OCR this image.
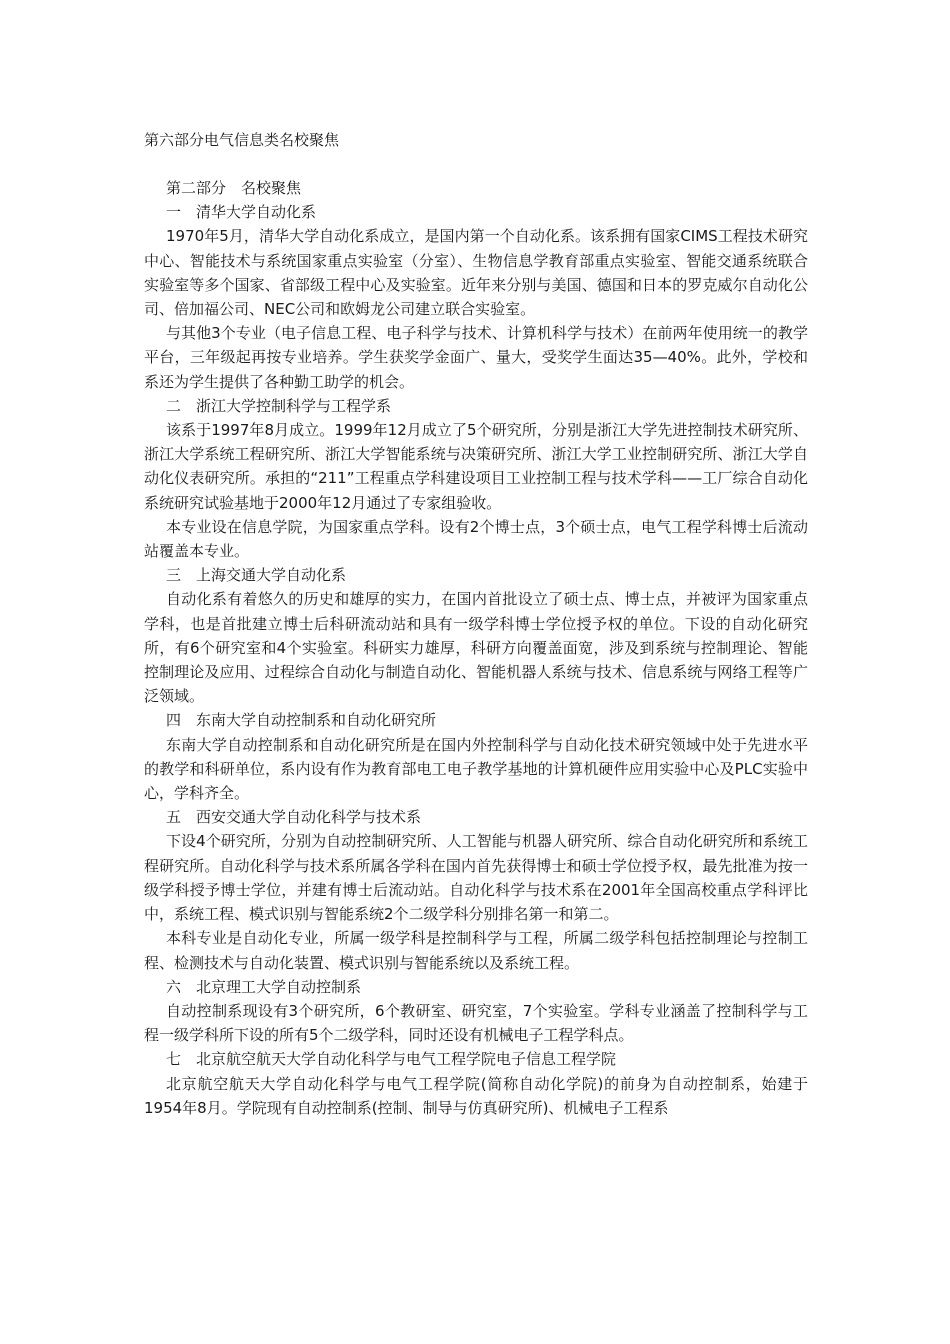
第六部分电气信息类名校聚焦

第二部分　名校聚焦

一　清华大学自动化系

1970年5月，清华大学自动化系成立，是国内第一个自动化系。该系拥有国家CIMS工程技术研究中心、智能技术与系统国家重点实验室（分室）、生物信息学教育部重点实验室、智能交通系统联合实验室等多个国家、省部级工程中心及实验室。近年来分别与美国、德国和日本的罗克威尔自动化公司、倍加福公司、NEC公司和欧姆龙公司建立联合实验室。

与其他3个专业（电子信息工程、电子科学与技术、计算机科学与技术）在前两年使用统一的教学平台，三年级起再按专业培养。学生获奖学金面广、量大，受奖学生面达35—40%。此外，学校和系还为学生提供了各种勤工助学的机会。

二　浙江大学控制科学与工程学系

该系于1997年8月成立。1999年12月成立了5个研究所，分别是浙江大学先进控制技术研究所、浙江大学系统工程研究所、浙江大学智能系统与决策研究所、浙江大学工业控制研究所、浙江大学自动化仪表研究所。承担的“211”工程重点学科建设项目工业控制工程与技术学科——工厂综合自动化系统研究试验基地于2000年12月通过了专家组验收。

本专业设在信息学院，为国家重点学科。设有2个博士点，3个硕士点，电气工程学科博士后流动站覆盖本专业。

三　上海交通大学自动化系

自动化系有着悠久的历史和雄厚的实力，在国内首批设立了硕士点、博士点，并被评为国家重点学科，也是首批建立博士后科研流动站和具有一级学科博士学位授予权的单位。下设的自动化研究所，有6个研究室和4个实验室。科研实力雄厚，科研方向覆盖面宽，涉及到系统与控制理论、智能控制理论及应用、过程综合自动化与制造自动化、智能机器人系统与技术、信息系统与网络工程等广泛领域。

四　东南大学自动控制系和自动化研究所

东南大学自动控制系和自动化研究所是在国内外控制科学与自动化技术研究领域中处于先进水平的教学和科研单位，系内设有作为教育部电工电子教学基地的计算机硬件应用实验中心及PLC实验中心，学科齐全。

五　西安交通大学自动化科学与技术系

下设4个研究所，分别为自动控制研究所、人工智能与机器人研究所、综合自动化研究所和系统工程研究所。自动化科学与技术系所属各学科在国内首先获得博士和硕士学位授予权，最先批准为按一级学科授予博士学位，并建有博士后流动站。自动化科学与技术系在2001年全国高校重点学科评比中，系统工程、模式识别与智能系统2个二级学科分别排名第一和第二。

本科专业是自动化专业，所属一级学科是控制科学与工程，所属二级学科包括控制理论与控制工程、检测技术与自动化装置、模式识别与智能系统以及系统工程。

六　北京理工大学自动控制系

自动控制系现设有3个研究所，6个教研室、研究室，7个实验室。学科专业涵盖了控制科学与工程一级学科所下设的所有5个二级学科，同时还设有机械电子工程学科点。

七　北京航空航天大学自动化科学与电气工程学院电子信息工程学院

北京航空航天大学自动化科学与电气工程学院(简称自动化学院)的前身为自动控制系，始建于1954年8月。学院现有自动控制系(控制、制导与仿真研究所)、机械电子工程系
